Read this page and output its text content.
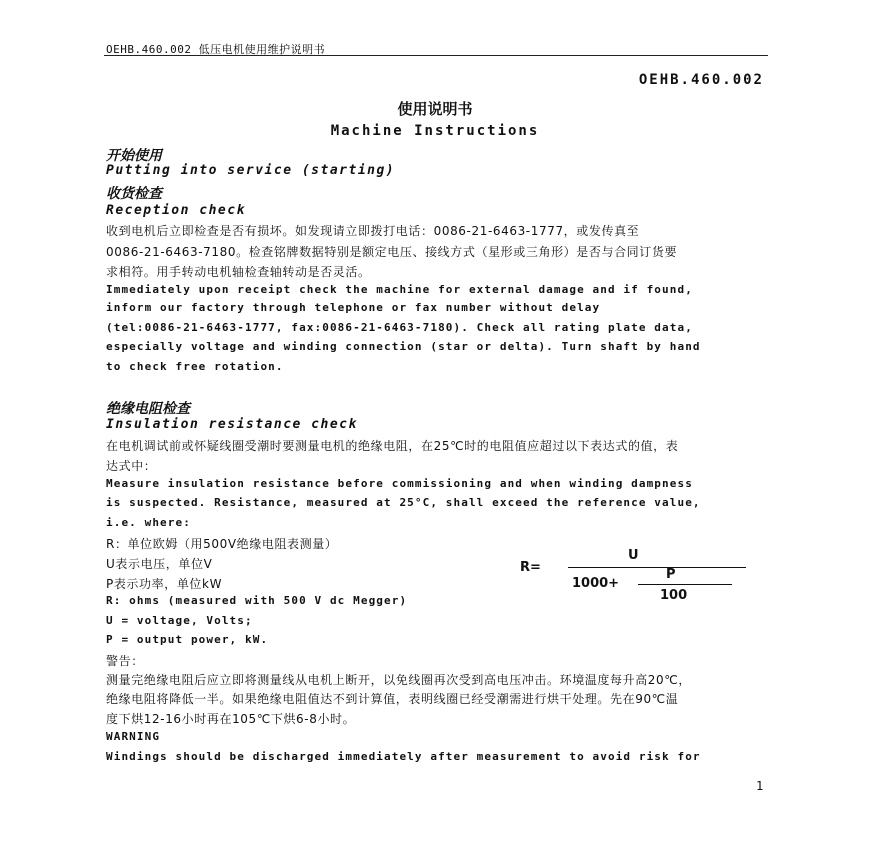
OEHB.460.002 低压电机使用维护说明书
OEHB.460.002
使用说明书
Machine Instructions
开始使用
Putting into service (starting)
收货检查
Reception check
收到电机后立即检查是否有损坏。如发现请立即拨打电话：0086-21-6463-1777，或发传真至
0086-21-6463-7180。检查铭牌数据特别是额定电压、接线方式（星形或三角形）是否与合同订货要
求相符。用手转动电机轴检查轴转动是否灵活。
Immediately upon receipt check the machine for external damage and if found,
inform our factory through telephone or fax number without delay
(tel:0086-21-6463-1777, fax:0086-21-6463-7180). Check all rating plate data,
especially voltage and winding connection (star or delta). Turn shaft by hand
to check free rotation.
绝缘电阻检查
Insulation resistance check
在电机调试前或怀疑线圈受潮时要测量电机的绝缘电阻，在25℃时的电阻值应超过以下表达式的值，表
达式中：
Measure insulation resistance before commissioning and when winding dampness
is suspected. Resistance, measured at 25°C, shall exceed the reference value,
i.e. where:
R：单位欧姆（用500V绝缘电阻表测量）
U表示电压，单位V
P表示功率，单位kW
R: ohms (measured with 500 V dc Megger)
U = voltage, Volts;
P = output power, kW.
R=
U
1000+
P
100
警告：
测量完绝缘电阻后应立即将测量线从电机上断开，以免线圈再次受到高电压冲击。环境温度每升高20℃，
绝缘电阻将降低一半。如果绝缘电阻值达不到计算值，表明线圈已经受潮需进行烘干处理。先在90℃温
度下烘12-16小时再在105℃下烘6-8小时。
WARNING
Windings should be discharged immediately after measurement to avoid risk for
1
